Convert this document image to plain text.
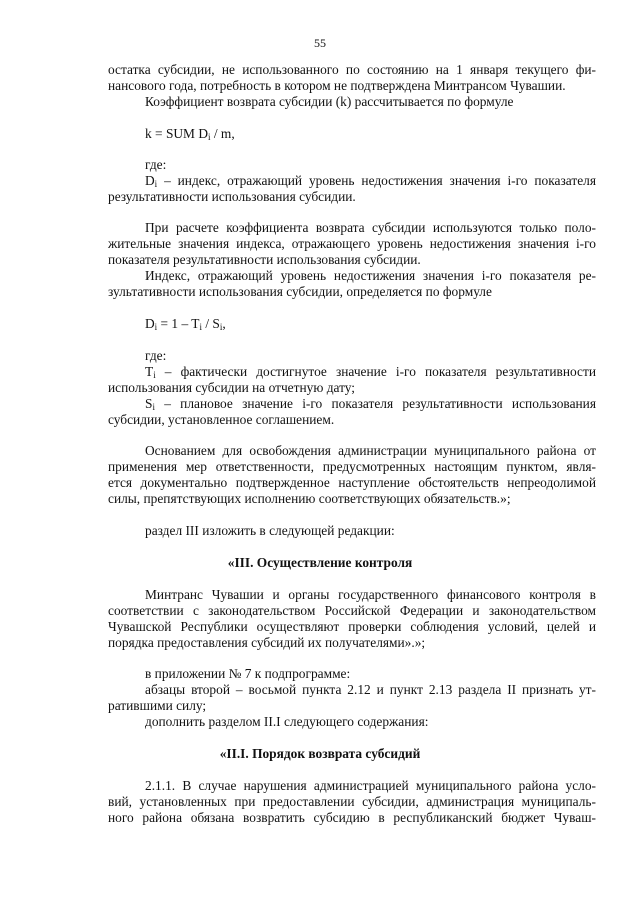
55
остатка субсидии, не использованного по состоянию на 1 января текущего фи-
нансового года, потребность в котором не подтверждена Минтрансом Чувашии.
Коэффициент возврата субсидии (k) рассчитывается по формуле
k = SUM $D_i$ / m,
где:
$D_i$ – индекс, отражающий уровень недостижения значения i-го показателя
результативности использования субсидии.
При расчете коэффициента возврата субсидии используются только поло-
жительные значения индекса, отражающего уровень недостижения значения i-го
показателя результативности использования субсидии.
Индекс, отражающий уровень недостижения значения i-го показателя ре-
зультативности использования субсидии, определяется по формуле
$D_i = 1 - T_i / S_i$,
где:
$T_i$ – фактически достигнутое значение i-го показателя результативности
использования субсидии на отчетную дату;
$S_i$ – плановое значение i-го показателя результативности использования
субсидии, установленное соглашением.
Основанием для освобождения администрации муниципального района от
применения мер ответственности, предусмотренных настоящим пунктом, явля-
ется документально подтвержденное наступление обстоятельств непреодолимой
силы, препятствующих исполнению соответствующих обязательств.»;
раздел III изложить в следующей редакции:
«III. Осуществление контроля
Минтранс Чувашии и органы государственного финансового контроля в
соответствии с законодательством Российской Федерации и законодательством
Чувашской Республики осуществляют проверки соблюдения условий, целей и
порядка предоставления субсидий их получателями».»;
в приложении № 7 к подпрограмме:
абзацы второй – восьмой пункта 2.12 и пункт 2.13 раздела II признать ут-
ратившими силу;
дополнить разделом II.I следующего содержания:
«II.I. Порядок возврата субсидий
2.1.1. В случае нарушения администрацией муниципального района усло-
вий, установленных при предоставлении субсидии, администрация муниципаль-
ного района обязана возвратить субсидию в республиканский бюджет Чуваш-
